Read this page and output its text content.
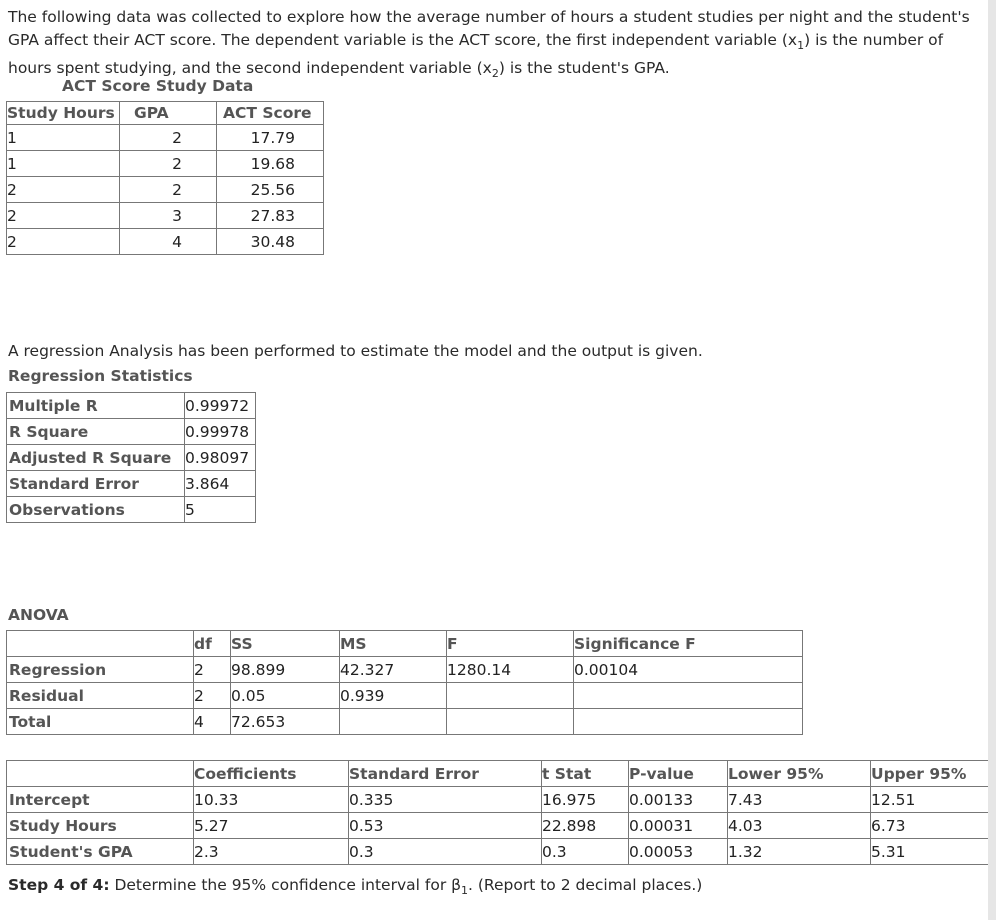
The following data was collected to explore how the average number of hours a student studies per night and the student's GPA affect their ACT score. The dependent variable is the ACT score, the first independent variable $(x_1)$ is the number of hours spent studying, and the second independent variable $(x_2)$ is the student's GPA.
ACT Score Study Data
Study Hours	GPA	ACT Score
1	2	17.79
1	2	19.68
2	2	25.56
2	3	27.83
2	4	30.48
A regression Analysis has been performed to estimate the model and the output is given.
Regression Statistics
Multiple R	0.99972
R Square	0.99978
Adjusted R Square	0.98097
Standard Error	3.864
Observations	5
ANOVA
	df	SS	MS	F	Significance F
Regression	2	98.899	42.327	1280.14	0.00104
Residual	2	0.05	0.939		
Total	4	72.653			
	Coefficients	Standard Error	t Stat	P-value	Lower 95%	Upper 95%
Intercept	10.33	0.335	16.975	0.00133	7.43	12.51
Study Hours	5.27	0.53	22.898	0.00031	4.03	6.73
Student's GPA	2.3	0.3	0.3	0.00053	1.32	5.31
Step 4 of 4: Determine the 95% confidence interval for $\beta_1$. (Report to 2 decimal places.)
